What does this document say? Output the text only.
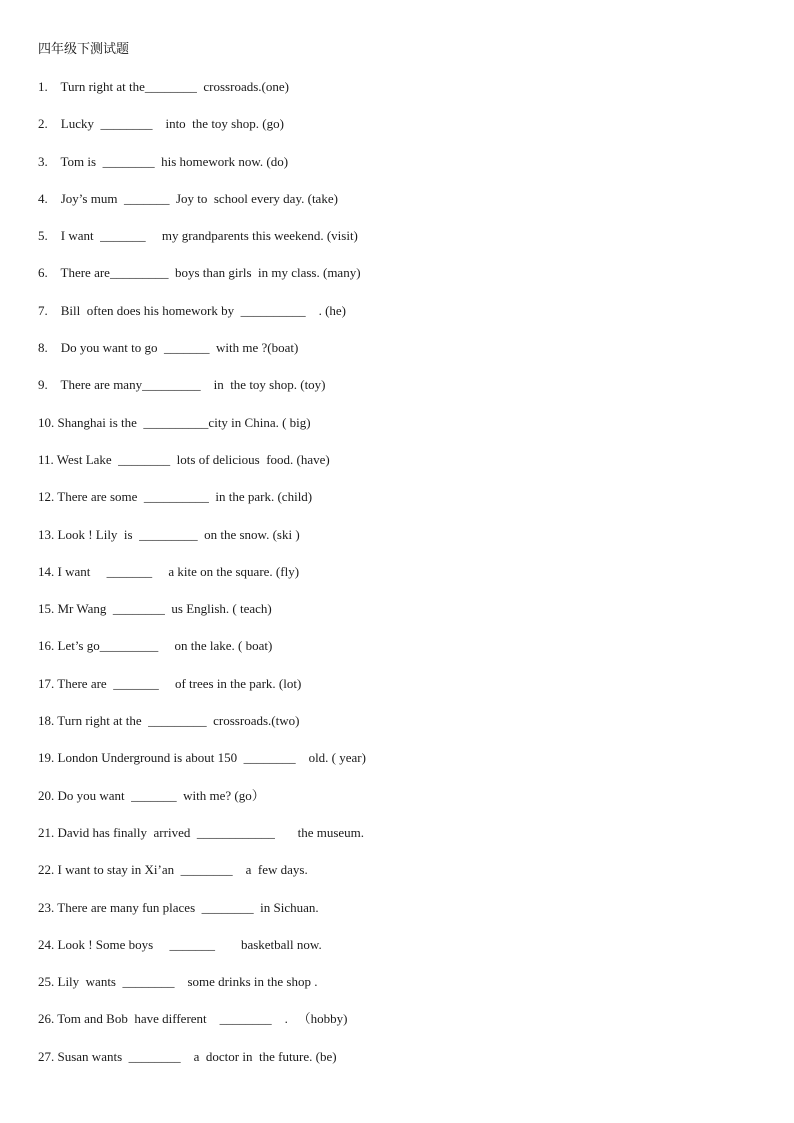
四年级下测试题
1.    Turn right at the________  crossroads.(one)
2.    Lucky  ________    into  the toy shop. (go)
3.    Tom is  ________  his homework now. (do)
4.    Joy’s mum  _______  Joy to  school every day. (take)
5.    I want  _______     my grandparents this weekend. (visit)
6.    There are_________  boys than girls  in my class. (many)
7.    Bill  often does his homework by  __________    . (he)
8.    Do you want to go  _______  with me ?(boat)
9.    There are many_________    in  the toy shop. (toy)
10. Shanghai is the  __________city in China. ( big)
11. West Lake  ________  lots of delicious  food. (have)
12. There are some  __________  in the park. (child)
13. Look ! Lily  is  _________  on the snow. (ski )
14. I want     _______     a kite on the square. (fly)
15. Mr Wang  ________  us English. ( teach)
16. Let’s go_________     on the lake. ( boat)
17. There are  _______     of trees in the park. (lot)
18. Turn right at the  _________  crossroads.(two)
19. London Underground is about 150  ________    old. ( year)
20. Do you want  _______  with me? (go）
21. David has finally  arrived  ____________       the museum.
22. I want to stay in Xi’an  ________    a  few days.
23. There are many fun places  ________  in Sichuan.
24. Look ! Some boys     _______        basketball now.
25. Lily  wants  ________    some drinks in the shop .
26. Tom and Bob  have different    ________    .   （hobby)
27. Susan wants  ________    a  doctor in  the future. (be)
